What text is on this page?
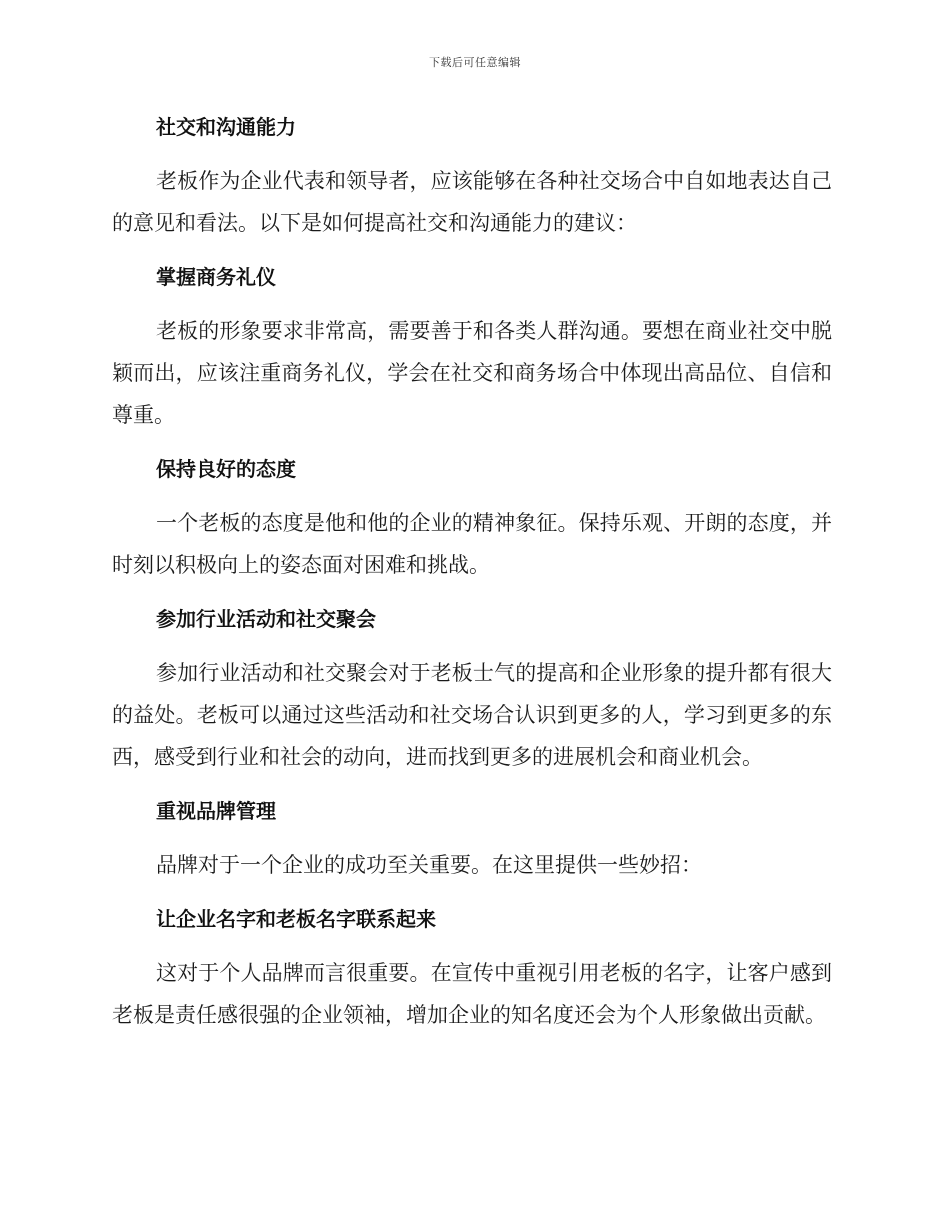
下载后可任意编辑
社交和沟通能力

老板作为企业代表和领导者，应该能够在各种社交场合中自如地表达自己的意见和看法。以下是如何提高社交和沟通能力的建议：

掌握商务礼仪

老板的形象要求非常高，需要善于和各类人群沟通。要想在商业社交中脱颖而出，应该注重商务礼仪，学会在社交和商务场合中体现出高品位、自信和尊重。

保持良好的态度

一个老板的态度是他和他的企业的精神象征。保持乐观、开朗的态度，并时刻以积极向上的姿态面对困难和挑战。

参加行业活动和社交聚会

参加行业活动和社交聚会对于老板士气的提高和企业形象的提升都有很大的益处。老板可以通过这些活动和社交场合认识到更多的人，学习到更多的东西，感受到行业和社会的动向，进而找到更多的进展机会和商业机会。

重视品牌管理

品牌对于一个企业的成功至关重要。在这里提供一些妙招：

让企业名字和老板名字联系起来

这对于个人品牌而言很重要。在宣传中重视引用老板的名字，让客户感到老板是责任感很强的企业领袖，增加企业的知名度还会为个人形象做出贡献。
